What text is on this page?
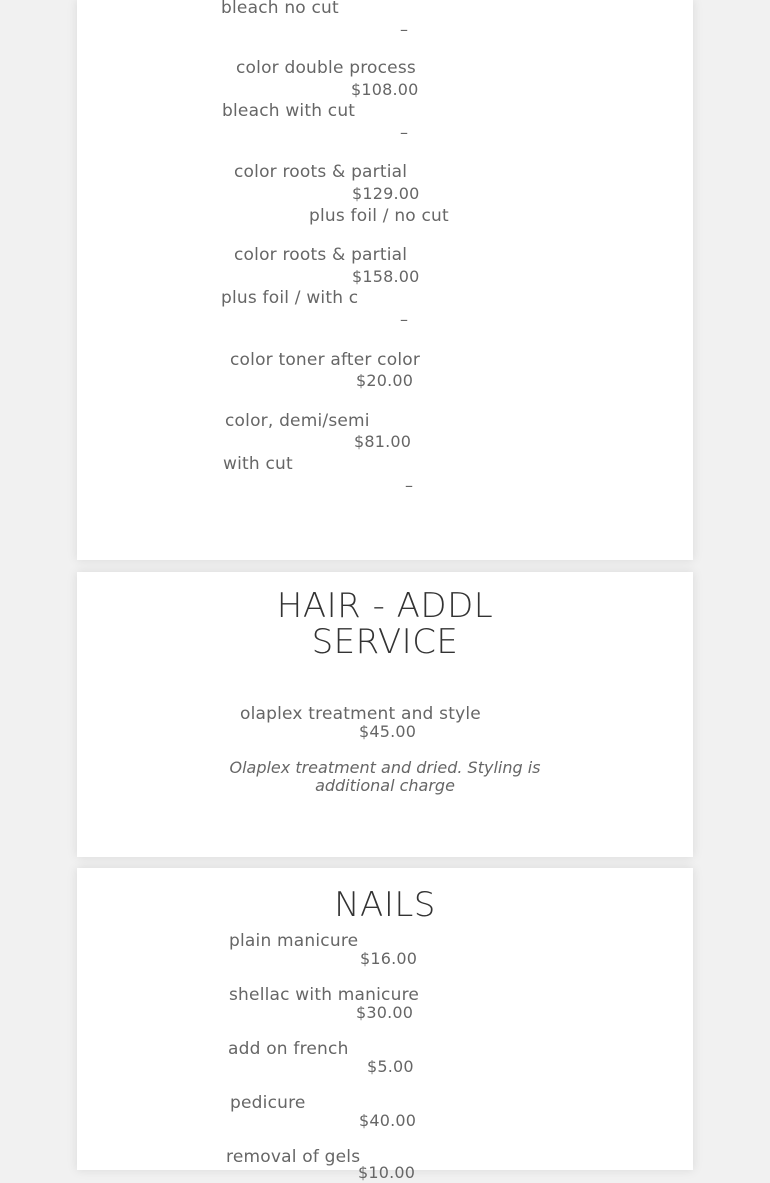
bleach no cut
–
color double process
$108.00
bleach with cut
–
color roots & partial
$129.00
plus foil / no cut
color roots & partial
$158.00
plus foil / with c
–
color toner after color
$20.00
color, demi/semi
$81.00
with cut
–
HAIR - ADDL
SERVICE
olaplex treatment and style
$45.00
Olaplex treatment and dried. Styling is
additional charge
NAILS
plain manicure
$16.00
shellac with manicure
$30.00
add on french
$5.00
pedicure
$40.00
removal of gels
$10.00
